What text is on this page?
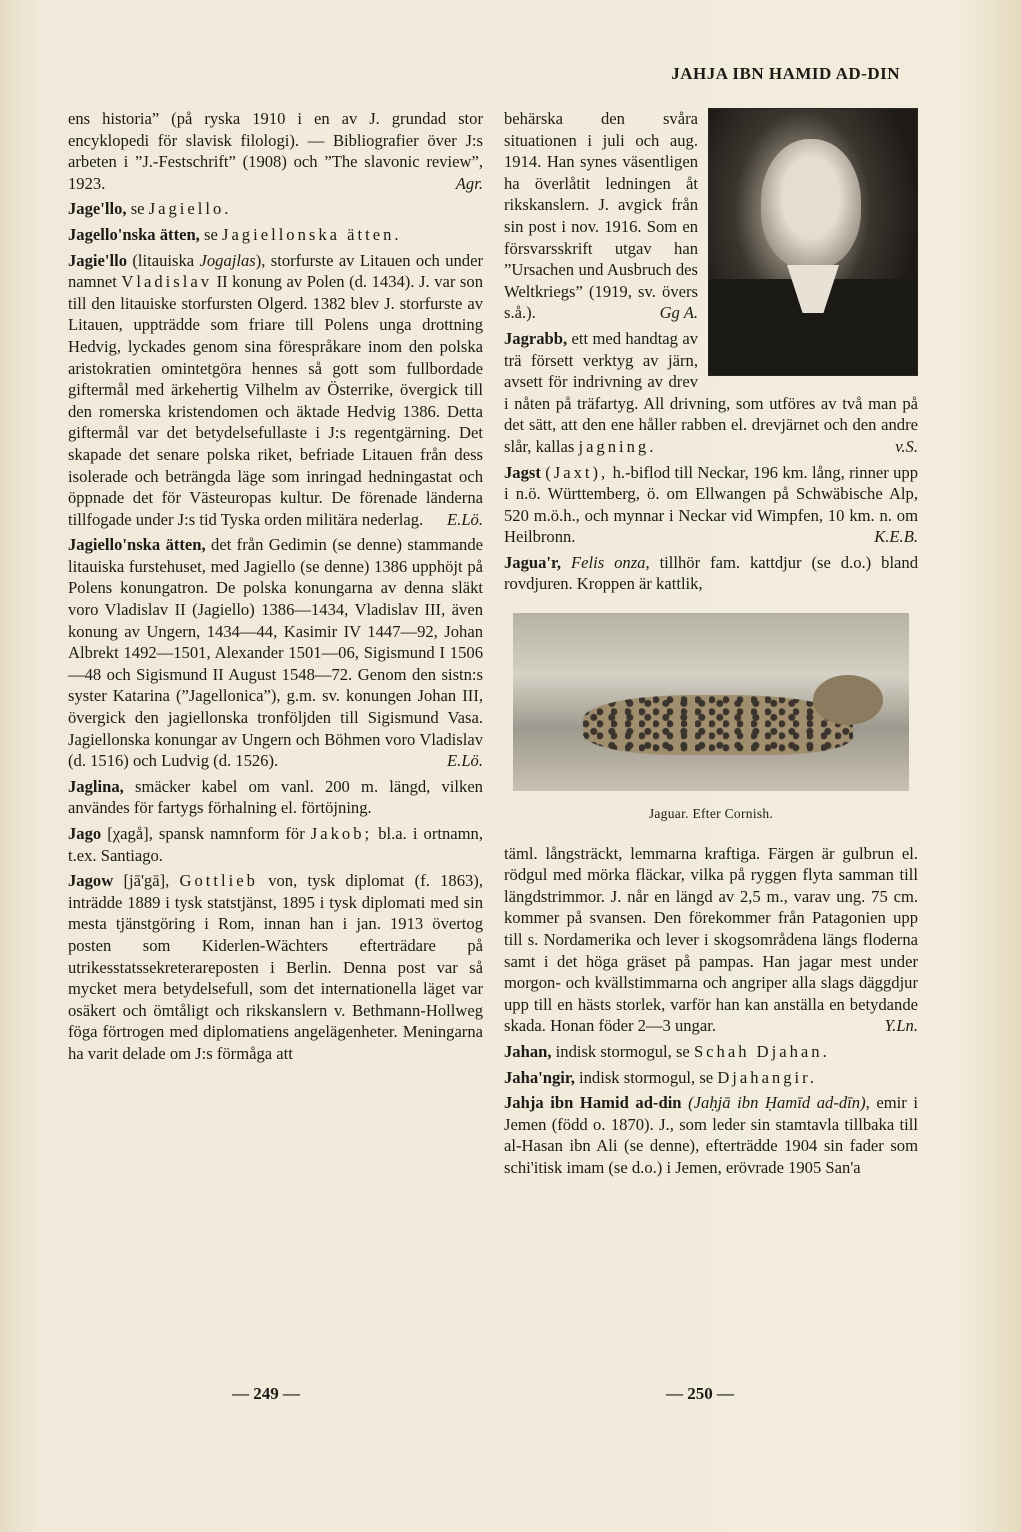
JAHJA IBN HAMID AD-DIN

ens historia” (på ryska 1910 i en av J. grundad stor encyklopedi för slavisk filologi). — Bibliografier över J:s arbeten i ”J.-Festschrift” (1908) och ”The slavonic review”, 1923.	Agr.

Jage'llo, se Jagiello.

Jagello'nska ätten, se Jagiellonska ätten.

Jagie'llo (litauiska Jogajlas), storfurste av Litauen och under namnet Vladislav II konung av Polen (d. 1434). J. var son till den litauiske storfursten Olgerd. 1382 blev J. storfurste av Litauen, uppträdde som friare till Polens unga drottning Hedvig, lyckades genom sina förespråkare inom den polska aristokratien omintetgöra hennes så gott som fullbordade giftermål med ärkehertig Vilhelm av Österrike, övergick till den romerska kristendomen och äktade Hedvig 1386. Detta giftermål var det betydelsefullaste i J:s regentgärning. Det skapade det senare polska riket, befriade Litauen från dess isolerade och beträngda läge som inringad hedningastat och öppnade det för Västeuropas kultur. De förenade länderna tillfogade under J:s tid Tyska orden militära nederlag. E.Lö.

Jagiello'nska ätten, det från Gedimin (se denne) stammande litauiska furstehuset, med Jagiello (se denne) 1386 upphöjt på Polens konungatron. De polska konungarna av denna släkt voro Vladislav II (Jagiello) 1386—1434, Vladislav III, även konung av Ungern, 1434—44, Kasimir IV 1447—92, Johan Albrekt 1492—1501, Alexander 1501—06, Sigismund I 1506—48 och Sigismund II August 1548—72. Genom den sistn:s syster Katarina (”Jagellonica”), g.m. sv. konungen Johan III, övergick den jagiellonska tronföljden till Sigismund Vasa. Jagiellonska konungar av Ungern och Böhmen voro Vladislav (d. 1516) och Ludvig (d. 1526).	E.Lö.

Jaglina, smäcker kabel om vanl. 200 m. längd, vilken användes för fartygs förhalning el. förtöjning.

Jago [χagå], spansk namnform för Jakob; bl.a. i ortnamn, t.ex. Santiago.

Jagow [jā'gā], Gottlieb von, tysk diplomat (f. 1863), inträdde 1889 i tysk statstjänst, 1895 i tysk diplomati med sin mesta tjänstgöring i Rom, innan han i jan. 1913 övertog posten som Kiderlen-Wächters efterträdare på utrikesstatssekreterareposten i Berlin. Denna post var så mycket mera betydelsefull, som det internationella läget var osäkert och ömtåligt och rikskanslern v. Bethmann-Hollweg föga förtrogen med diplomatiens angelägenheter. Meningarna ha varit delade om J:s förmåga att

behärska den svåra situationen i juli och aug. 1914. Han synes väsentligen ha överlåtit ledningen åt rikskanslern. J. avgick från sin post i nov. 1916. Som en försvarsskrift utgav han ”Ursachen und Ausbruch des Weltkriegs” (1919, sv. övers s.å.).	Gg A.

Jagrabb, ett med handtag av trä försett verktyg av järn, avsett för indrivning av drev i nåten på träfartyg. All drivning, som utföres av två man på det sätt, att den ene håller rabben el. drevjärnet och den andre slår, kallas jagning.	v.S.

Jagst (Jaxt), h.-biflod till Neckar, 196 km. lång, rinner upp i n.ö. Württemberg, ö. om Ellwangen på Schwäbische Alp, 520 m.ö.h., och mynnar i Neckar vid Wimpfen, 10 km. n. om Heilbronn.	K.E.B.

Jagua'r, Felis onza, tillhör fam. kattdjur (se d.o.) bland rovdjuren. Kroppen är kattlik,

Jaguar. Efter Cornish.

täml. långsträckt, lemmarna kraftiga. Färgen är gulbrun el. rödgul med mörka fläckar, vilka på ryggen flyta samman till längdstrimmor. J. når en längd av 2,5 m., varav ung. 75 cm. kommer på svansen. Den förekommer från Patagonien upp till s. Nordamerika och lever i skogsområdena längs floderna samt i det höga gräset på pampas. Han jagar mest under morgon- och kvällstimmarna och angriper alla slags däggdjur upp till en hästs storlek, varför han kan anställa en betydande skada. Honan föder 2—3 ungar.	Y.Ln.

Jahan, indisk stormogul, se Schah Djahan.

Jaha'ngir, indisk stormogul, se Djahangir.

Jahja ibn Hamid ad-din (Jaḥjā ibn Ḥamīd ad-dīn), emir i Jemen (född o. 1870). J., som leder sin stamtavla tillbaka till al-Hasan ibn Ali (se denne), efterträdde 1904 sin fader som schi'itisk imam (se d.o.) i Jemen, erövrade 1905 San'a

— 249 —	— 250 —
